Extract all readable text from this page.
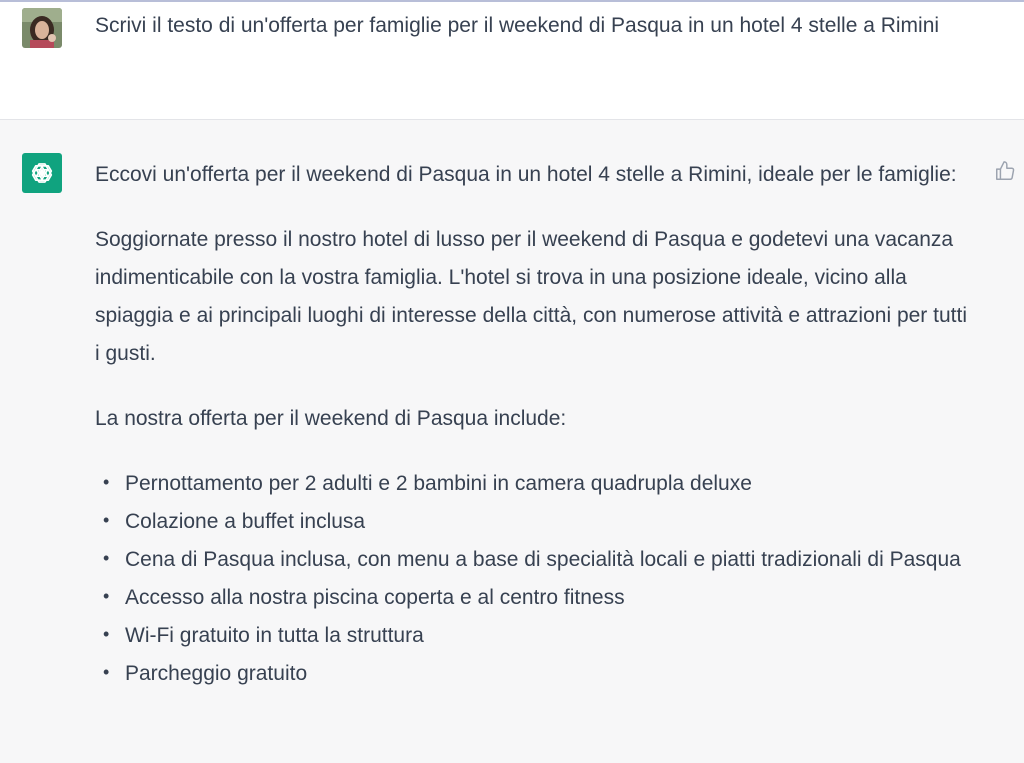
Scrivi il testo di un'offerta per famiglie per il weekend di Pasqua in un hotel 4 stelle a Rimini

Eccovi un'offerta per il weekend di Pasqua in un hotel 4 stelle a Rimini, ideale per le famiglie:

Soggiornate presso il nostro hotel di lusso per il weekend di Pasqua e godetevi una vacanza indimenticabile con la vostra famiglia. L'hotel si trova in una posizione ideale, vicino alla spiaggia e ai principali luoghi di interesse della città, con numerose attività e attrazioni per tutti i gusti.

La nostra offerta per il weekend di Pasqua include:

• Pernottamento per 2 adulti e 2 bambini in camera quadrupla deluxe
• Colazione a buffet inclusa
• Cena di Pasqua inclusa, con menu a base di specialità locali e piatti tradizionali di Pasqua
• Accesso alla nostra piscina coperta e al centro fitness
• Wi-Fi gratuito in tutta la struttura
• Parcheggio gratuito
